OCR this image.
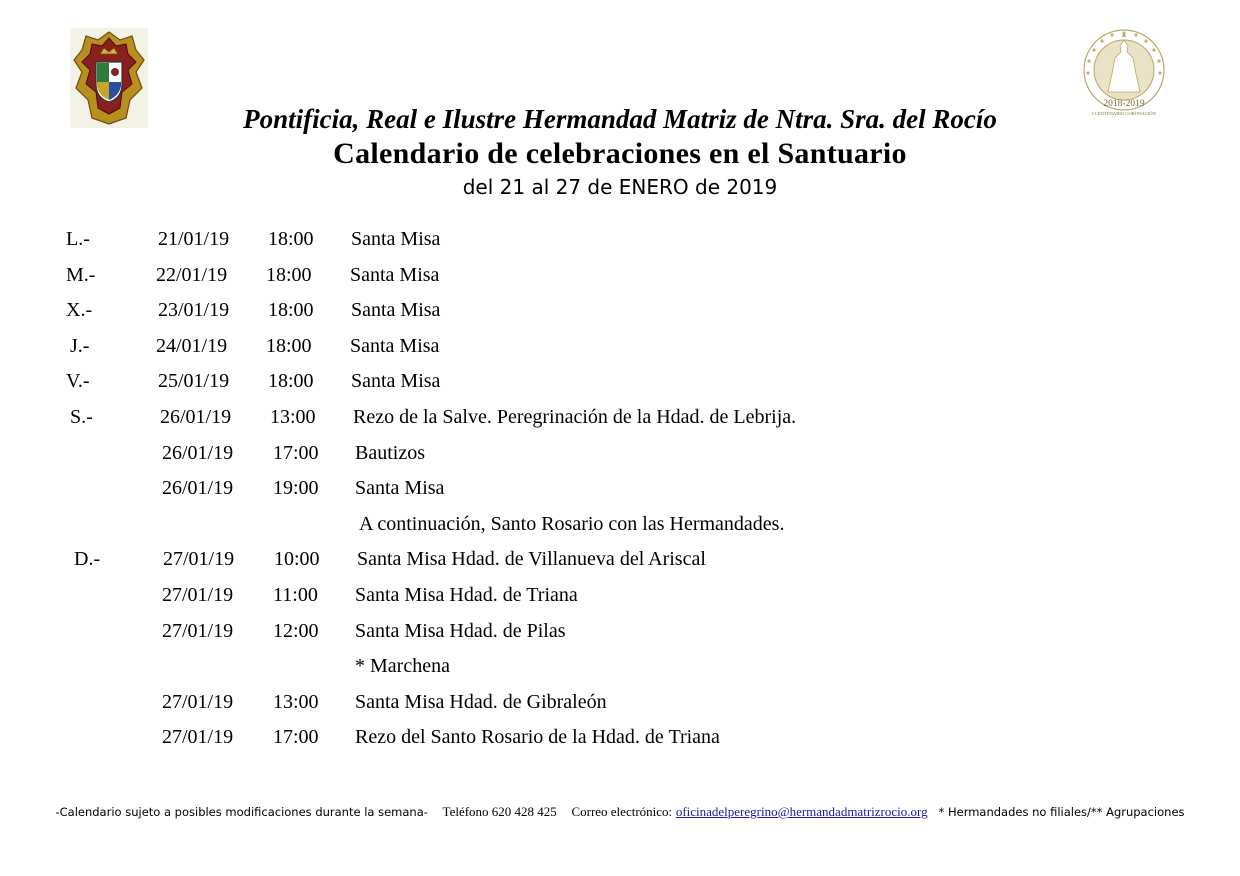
2018-2019
I CENTENARIO CORONACIÓN
Pontificia, Real e Ilustre Hermandad Matriz de Ntra. Sra. del Rocío
Calendario de celebraciones en el Santuario
del 21 al 27 de ENERO de 2019
L.-	21/01/19 18:00 Santa Misa
M.-	22/01/19 18:00 Santa Misa
X.-	23/01/19 18:00 Santa Misa
J.-	24/01/19 18:00 Santa Misa
V.-	25/01/19 18:00 Santa Misa
S.-	26/01/19 13:00 Rezo de la Salve. Peregrinación de la Hdad. de Lebrija.
26/01/19 17:00 Bautizos
26/01/19 19:00 Santa Misa
A continuación, Santo Rosario con las Hermandades.
D.-	27/01/19 10:00 Santa Misa Hdad. de Villanueva del Ariscal
27/01/19 11:00 Santa Misa Hdad. de Triana
27/01/19 12:00 Santa Misa Hdad. de Pilas
* Marchena
27/01/19 13:00 Santa Misa Hdad. de Gibraleón
27/01/19 17:00 Rezo del Santo Rosario de la Hdad. de Triana
-Calendario sujeto a posibles modificaciones durante la semana- Teléfono 620 428 425 Correo electrónico: oficinadelperegrino@hermandadmatrizrocio.org * Hermandades no filiales/** Agrupaciones
